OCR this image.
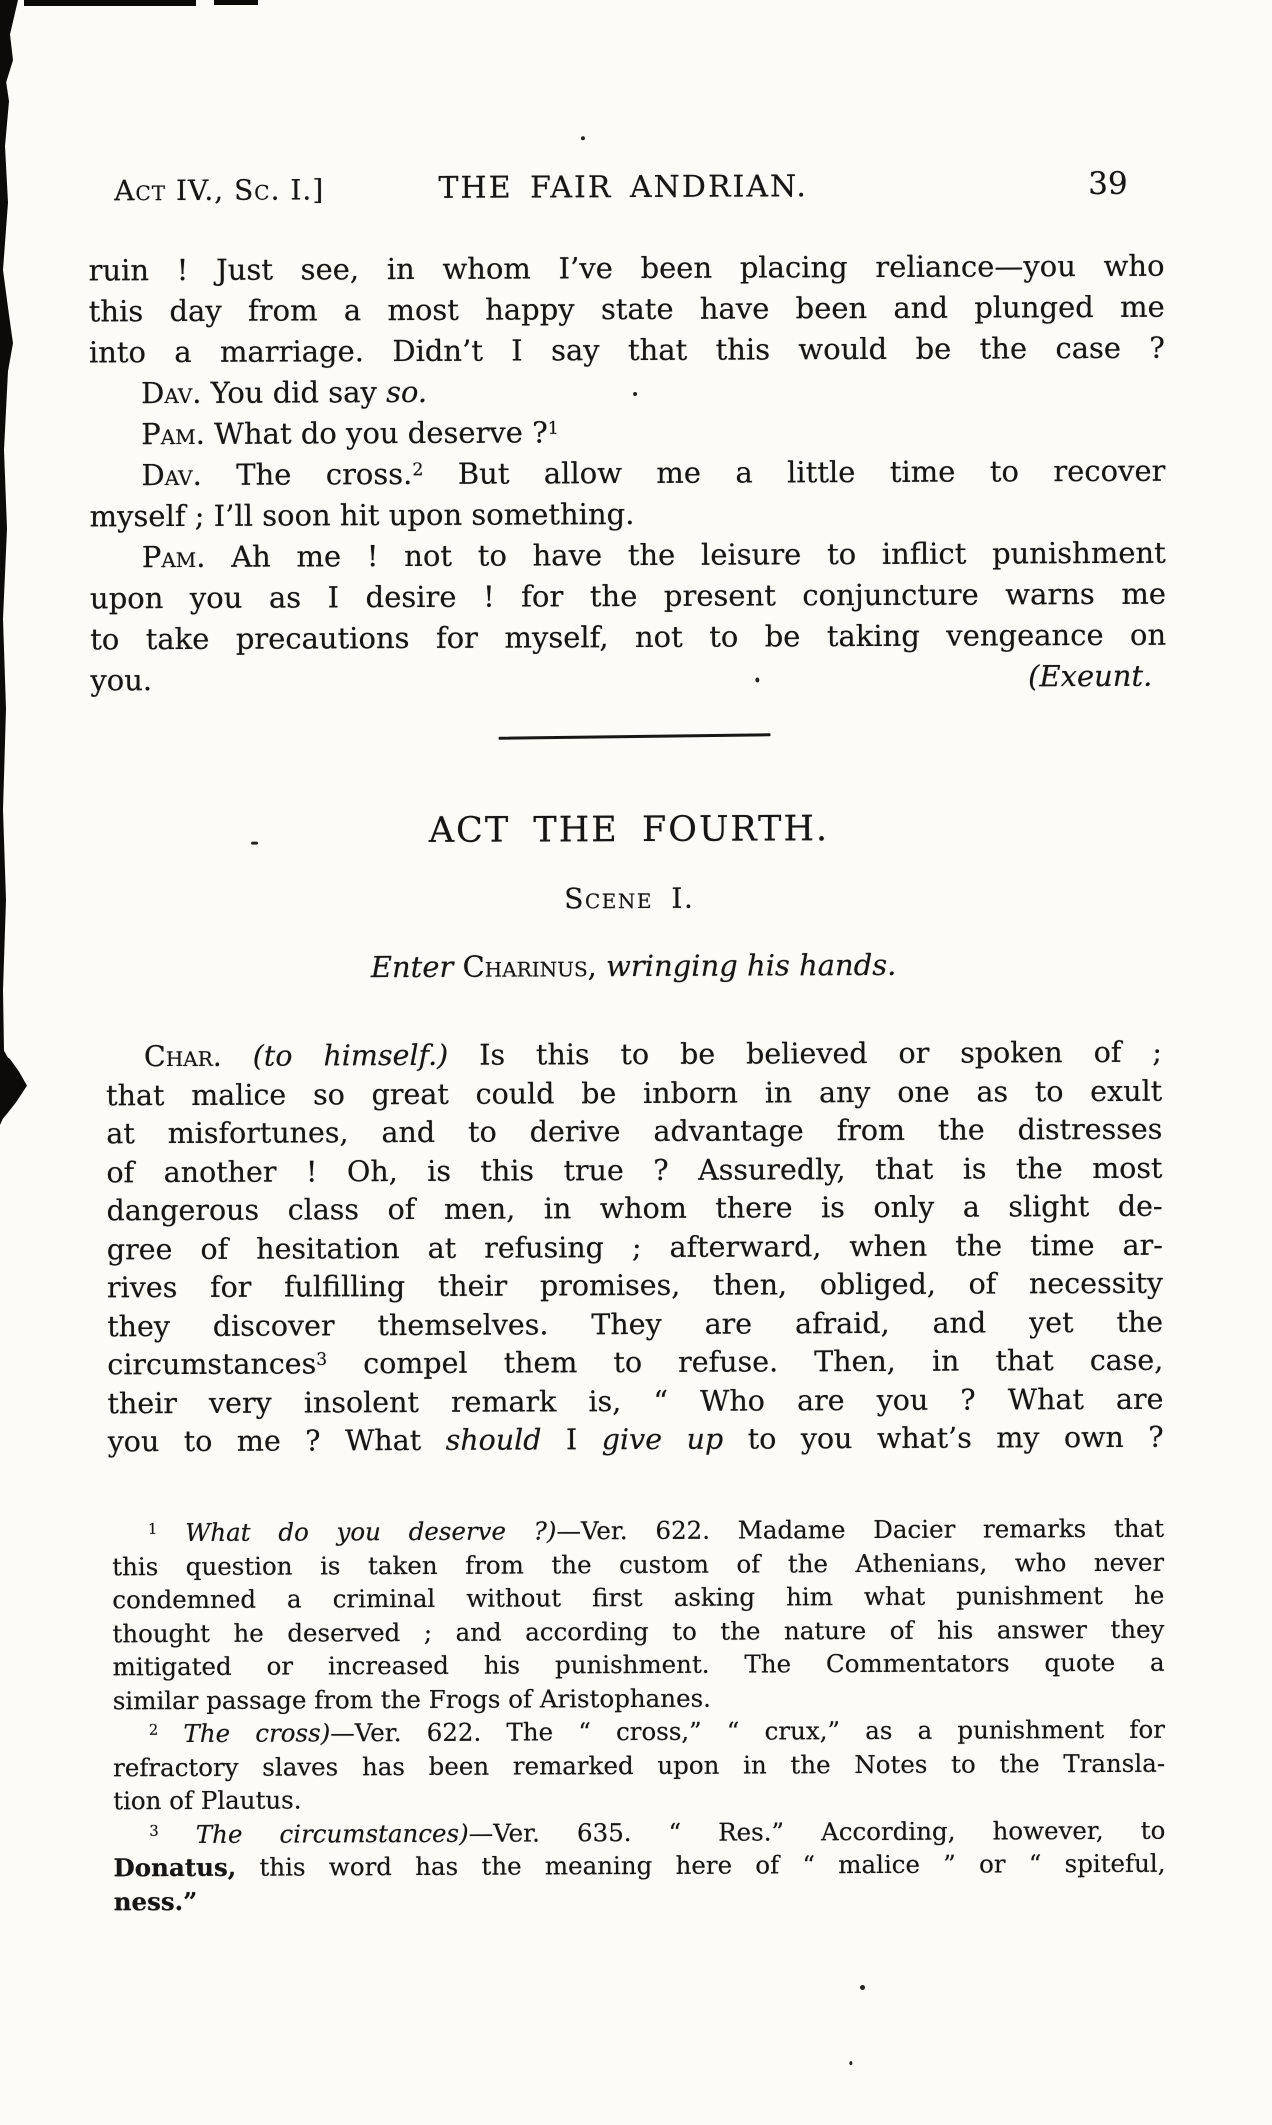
Act IV., Sc. I.]	THE FAIR ANDRIAN.	39
ruin ! Just see, in whom I’ve been placing reliance—you who
this day from a most happy state have been and plunged me
into a marriage. Didn’t I say that this would be the case ?
Dav. You did say so.
Pam. What do you deserve ?$^1$
Dav. The cross.$^2$ But allow me a little time to recover
myself ; I’ll soon hit upon something.
Pam. Ah me ! not to have the leisure to inflict punishment
upon you as I desire ! for the present conjuncture warns me
to take precautions for myself, not to be taking vengeance on
you.	(Exeunt.
ACT THE FOURTH.
Scene I.
Enter Charinus, wringing his hands.
Char. (to himself.) Is this to be believed or spoken of ;
that malice so great could be inborn in any one as to exult
at misfortunes, and to derive advantage from the distresses
of another ! Oh, is this true ? Assuredly, that is the most
dangerous class of men, in whom there is only a slight de-
gree of hesitation at refusing ; afterward, when the time ar-
rives for fulfilling their promises, then, obliged, of necessity
they discover themselves. They are afraid, and yet the
circumstances$^3$ compel them to refuse. Then, in that case,
their very insolent remark is, “ Who are you ? What are
you to me ? What should I give up to you what’s my own ?
$^1$ What do you deserve ?)—Ver. 622. Madame Dacier remarks that
this question is taken from the custom of the Athenians, who never
condemned a criminal without first asking him what punishment he
thought he deserved ; and according to the nature of his answer they
mitigated or increased his punishment. The Commentators quote a
similar passage from the Frogs of Aristophanes.
$^2$ The cross)—Ver. 622. The “ cross,” “ crux,” as a punishment for
refractory slaves has been remarked upon in the Notes to the Transla-
tion of Plautus.
$^3$ The circumstances)—Ver. 635. “ Res.” According, however, to
Donatus, this word has the meaning here of “ malice ” or “ spiteful,
ness.”
